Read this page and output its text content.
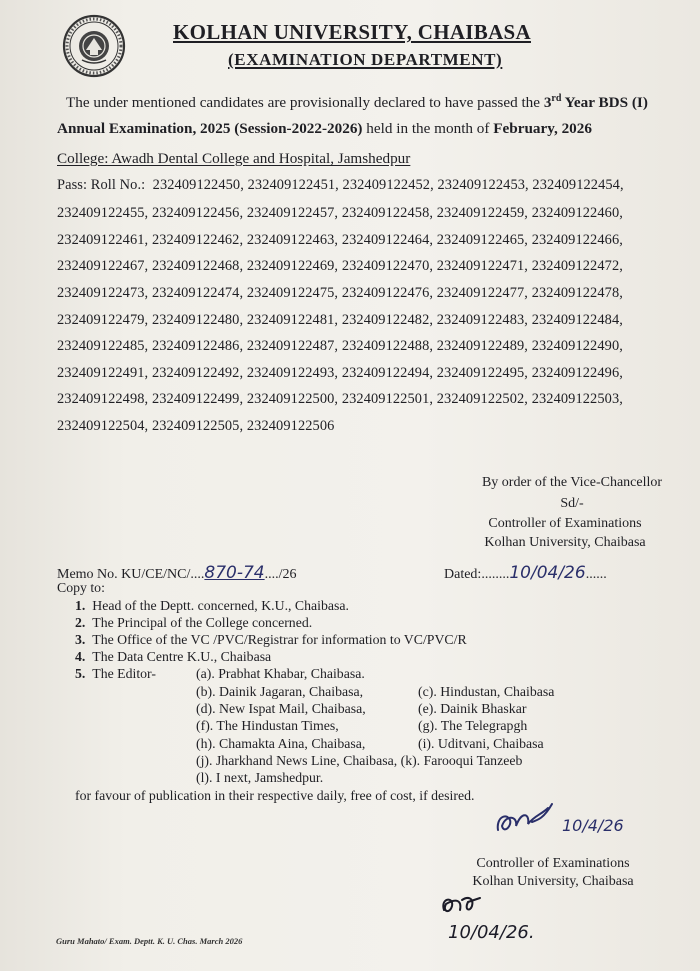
KOLHAN UNIVERSITY, CHAIBASA
(EXAMINATION DEPARTMENT)
The under mentioned candidates are provisionally declared to have passed the 3rd Year BDS (I)
Annual Examination, 2025 (Session-2022-2026) held in the month of February, 2026
College: Awadh Dental College and Hospital, Jamshedpur
Pass: Roll No.: 232409122450, 232409122451, 232409122452, 232409122453, 232409122454,
232409122455, 232409122456, 232409122457, 232409122458, 232409122459, 232409122460,
232409122461, 232409122462, 232409122463, 232409122464, 232409122465, 232409122466,
232409122467, 232409122468, 232409122469, 232409122470, 232409122471, 232409122472,
232409122473, 232409122474, 232409122475, 232409122476, 232409122477, 232409122478,
232409122479, 232409122480, 232409122481, 232409122482, 232409122483, 232409122484,
232409122485, 232409122486, 232409122487, 232409122488, 232409122489, 232409122490,
232409122491, 232409122492, 232409122493, 232409122494, 232409122495, 232409122496,
232409122498, 232409122499, 232409122500, 232409122501, 232409122502, 232409122503,
232409122504, 232409122505, 232409122506
By order of the Vice-Chancellor
Sd/-
Controller of Examinations
Kolhan University, Chaibasa
Memo No. KU/CE/NC/....870-74..../26	Dated:........10/04/26......
Copy to:
1. Head of the Deptt. concerned, K.U., Chaibasa.
2. The Principal of the College concerned.
3. The Office of the VC /PVC/Registrar for information to VC/PVC/R
4. The Data Centre K.U., Chaibasa
5. The Editor-	(a). Prabhat Khabar, Chaibasa.
(b). Dainik Jagaran, Chaibasa,	(c). Hindustan, Chaibasa
(d). New Ispat Mail, Chaibasa,	(e). Dainik Bhaskar
(f). The Hindustan Times,	(g). The Telegrapgh
(h). Chamakta Aina, Chaibasa,	(i). Uditvani, Chaibasa
(j). Jharkhand News Line, Chaibasa, (k). Farooqui Tanzeeb
(l). I next, Jamshedpur.
for favour of publication in their respective daily, free of cost, if desired.
10/4/26
Controller of Examinations
Kolhan University, Chaibasa
10/04/26.
Guru Mahato/ Exam. Deptt. K. U. Chas. March 2026
